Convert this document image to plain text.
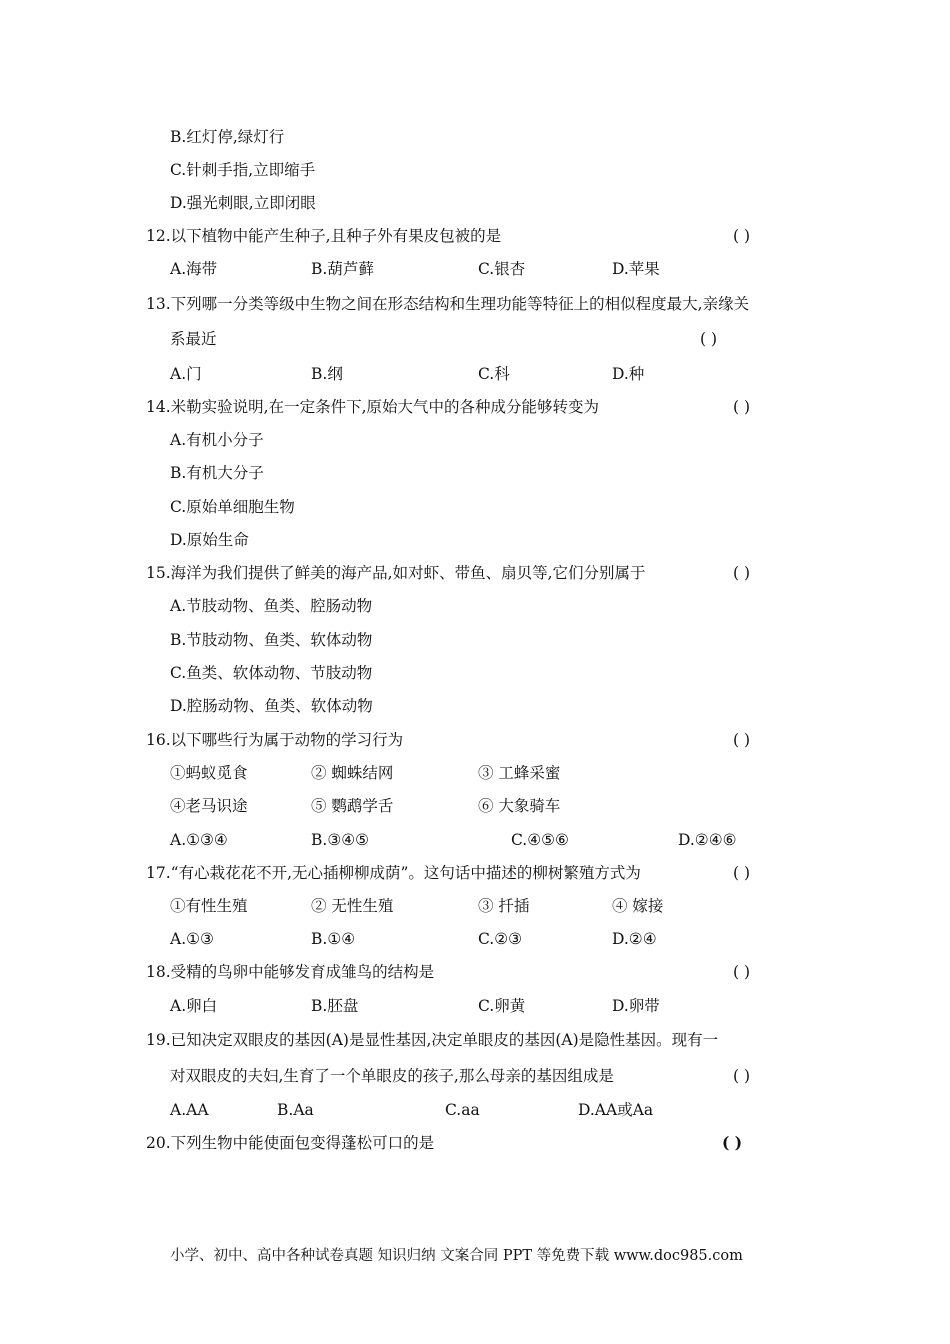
B.红灯停,绿灯行
C.针刺手指,立即缩手
D.强光刺眼,立即闭眼
12.以下植物中能产生种子,且种子外有果皮包被的是	( )
A.海带	B.葫芦藓	C.银杏	D.苹果
13.下列哪一分类等级中生物之间在形态结构和生理功能等特征上的相似程度最大,亲缘关
系最近	( )
A.门	B.纲	C.科	D.种
14.米勒实验说明,在一定条件下,原始大气中的各种成分能够转变为	( )
A.有机小分子
B.有机大分子
C.原始单细胞生物
D.原始生命
15.海洋为我们提供了鲜美的海产品,如对虾、带鱼、扇贝等,它们分别属于	( )
A.节肢动物、鱼类、腔肠动物
B.节肢动物、鱼类、软体动物
C.鱼类、软体动物、节肢动物
D.腔肠动物、鱼类、软体动物
16.以下哪些行为属于动物的学习行为	( )
①蚂蚁觅食	② 蜘蛛结网	③ 工蜂采蜜
④老马识途	⑤ 鹦鹉学舌	⑥ 大象骑车
A.①③④	B.③④⑤	C.④⑤⑥	D.②④⑥
17.“有心栽花花不开,无心插柳柳成荫”。这句话中描述的柳树繁殖方式为	( )
①有性生殖	② 无性生殖	③ 扦插	④ 嫁接
A.①③	B.①④	C.②③	D.②④
18.受精的鸟卵中能够发育成雏鸟的结构是	( )
A.卵白	B.胚盘	C.卵黄	D.卵带
19.已知决定双眼皮的基因(A)是显性基因,决定单眼皮的基因(A)是隐性基因。现有一
对双眼皮的夫妇,生育了一个单眼皮的孩子,那么母亲的基因组成是	( )
A.AA	B.Aa	C.aa	D.AA或Aa
20.下列生物中能使面包变得蓬松可口的是	( )
小学、初中、高中各种试卷真题 知识归纳 文案合同 PPT 等免费下载 www.doc985.com
